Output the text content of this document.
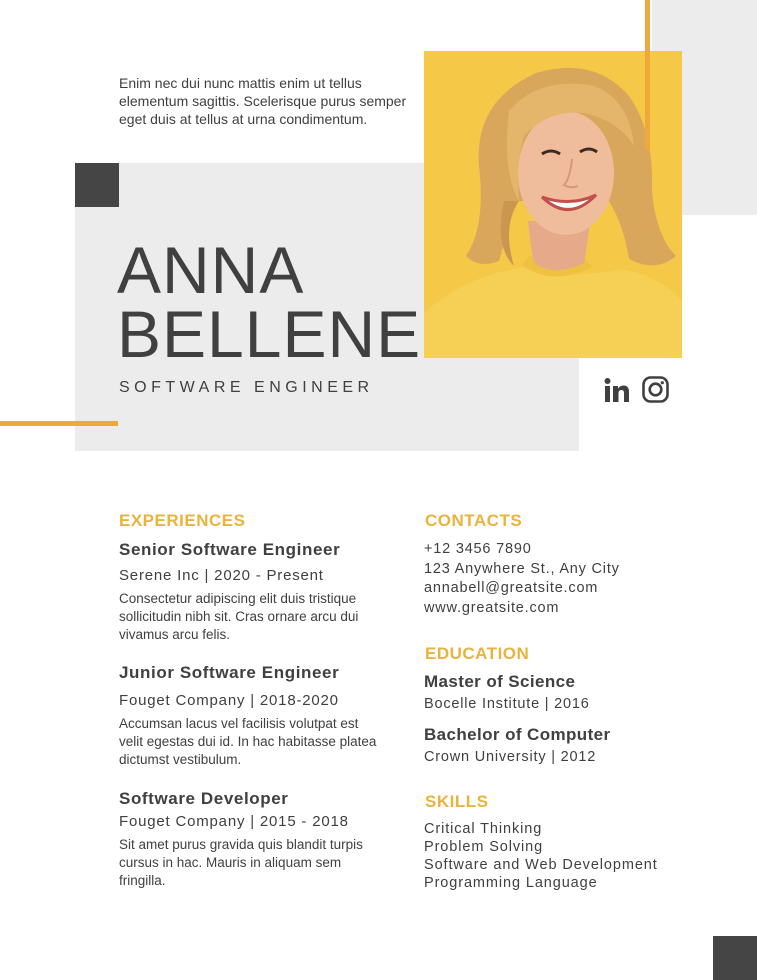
Enim nec dui nunc mattis enim ut tellus elementum sagittis. Scelerisque purus semper eget duis at tellus at urna condimentum.
ANNA
BELLENE
SOFTWARE ENGINEER
EXPERIENCES
Senior Software Engineer
Serene Inc | 2020 - Present
Consectetur adipiscing elit duis tristique sollicitudin nibh sit. Cras ornare arcu dui vivamus arcu felis.
Junior Software Engineer
Fouget Company | 2018-2020
Accumsan lacus vel facilisis volutpat est velit egestas dui id. In hac habitasse platea dictumst vestibulum.
Software Developer
Fouget Company | 2015 - 2018
Sit amet purus gravida quis blandit turpis cursus in hac. Mauris in aliquam sem fringilla.
CONTACTS
+12 3456 7890
123 Anywhere St., Any City
annabell@greatsite.com
www.greatsite.com
EDUCATION
Master of Science
Bocelle Institute | 2016
Bachelor of Computer
Crown University | 2012
SKILLS
Critical Thinking
Problem Solving
Software and Web Development
Programming Language
